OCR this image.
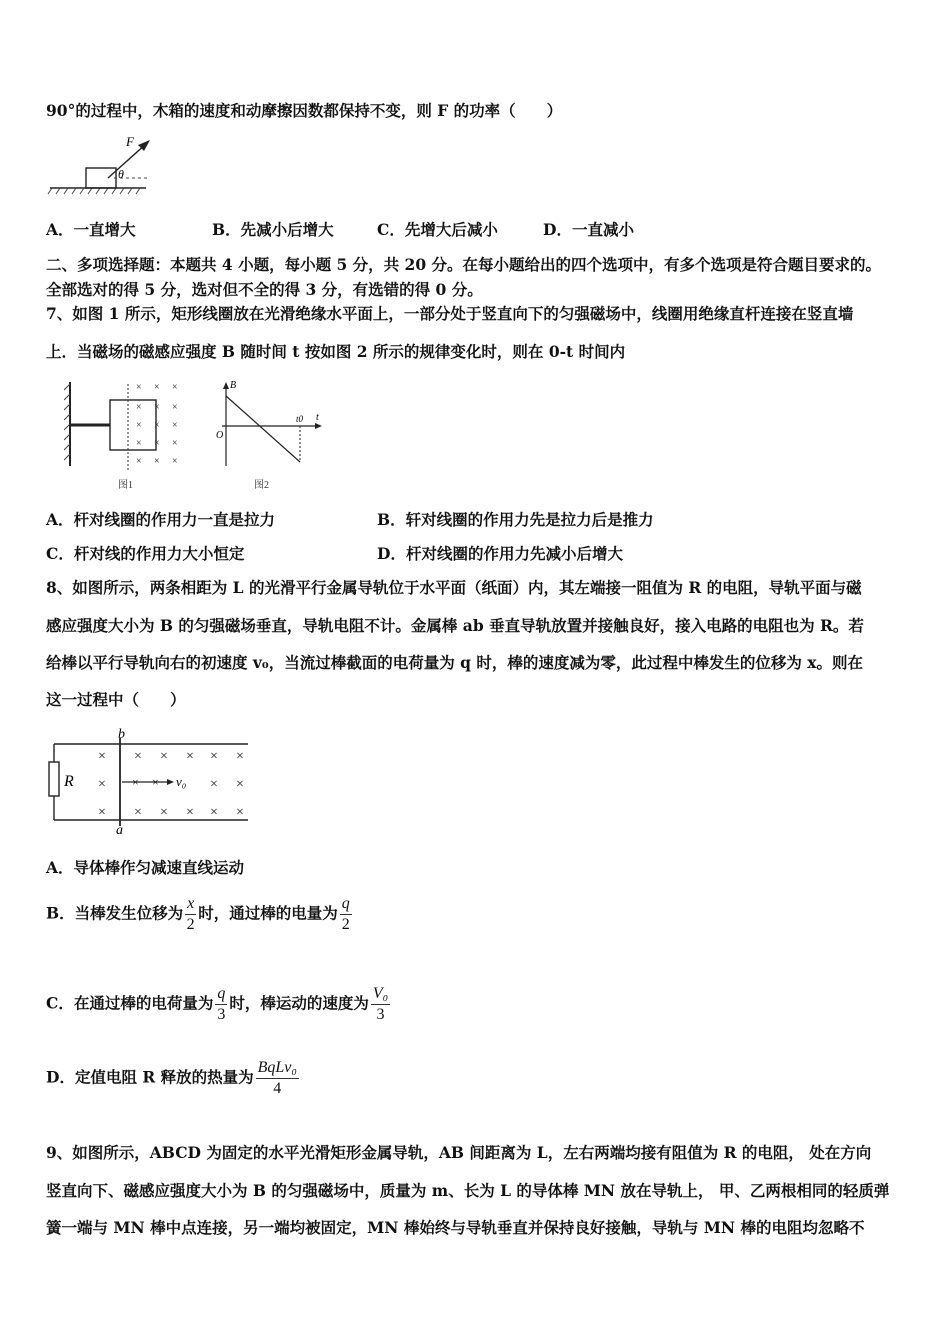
90°的过程中，木箱的速度和动摩擦因数都保持不变，则 F 的功率（　　）
F
θ
A．一直增大	B．先减小后增大	C．先增大后减小	D．一直减小
二、多项选择题：本题共 4 小题，每小题 5 分，共 20 分。在每小题给出的四个选项中，有多个选项是符合题目要求的。
全部选对的得 5 分，选对但不全的得 3 分，有选错的得 0 分。
7、如图 1 所示，矩形线圈放在光滑绝缘水平面上，一部分处于竖直向下的匀强磁场中，线圈用绝缘直杆连接在竖直墙
上．当磁场的磁感应强度 B 随时间 t 按如图 2 所示的规律变化时，则在 0-t 时间内
× × ×
× × ×
× × ×
× × ×
× × ×
图1
B
t
O
t0
图2
A．杆对线圈的作用力一直是拉力	B．轩对线圈的作用力先是拉力后是推力
C．杆对线的作用力大小恒定	D．杆对线圈的作用力先减小后增大
8、如图所示，两条相距为 L 的光滑平行金属导轨位于水平面（纸面）内，其左端接一阻值为 R 的电阻，导轨平面与磁
感应强度大小为 B 的匀强磁场垂直，导轨电阻不计。金属棒 ab 垂直导轨放置并接触良好，接入电路的电阻也为 R。若
给棒以平行导轨向右的初速度 v₀，当流过棒截面的电荷量为 q 时，棒的速度减为零，此过程中棒发生的位移为 x。则在
这一过程中（　　）
R
b
a
× × × × × ×
×	×
×
× × × × × ×
× × v₀
A．导体棒作匀减速直线运动
B．当棒发生位移为 $\frac{x}{2}$ 时，通过棒的电量为 $\frac{q}{2}$
C．在通过棒的电荷量为 $\frac{q}{3}$ 时，棒运动的速度为 $\frac{\text{V₀}}{3}$
D．定值电阻 R 释放的热量为 $\frac{\text{BqLv₀}}{4}$
9、如图所示，ABCD 为固定的水平光滑矩形金属导轨，AB 间距离为 L，左右两端均接有阻值为 R 的电阻， 处在方向
竖直向下、磁感应强度大小为 B 的匀强磁场中，质量为 m、长为 L 的导体棒 MN 放在导轨上， 甲、乙两根相同的轻质弹
簧一端与 MN 棒中点连接，另一端均被固定，MN 棒始终与导轨垂直并保持良好接触，导轨与 MN 棒的电阻均忽略不
